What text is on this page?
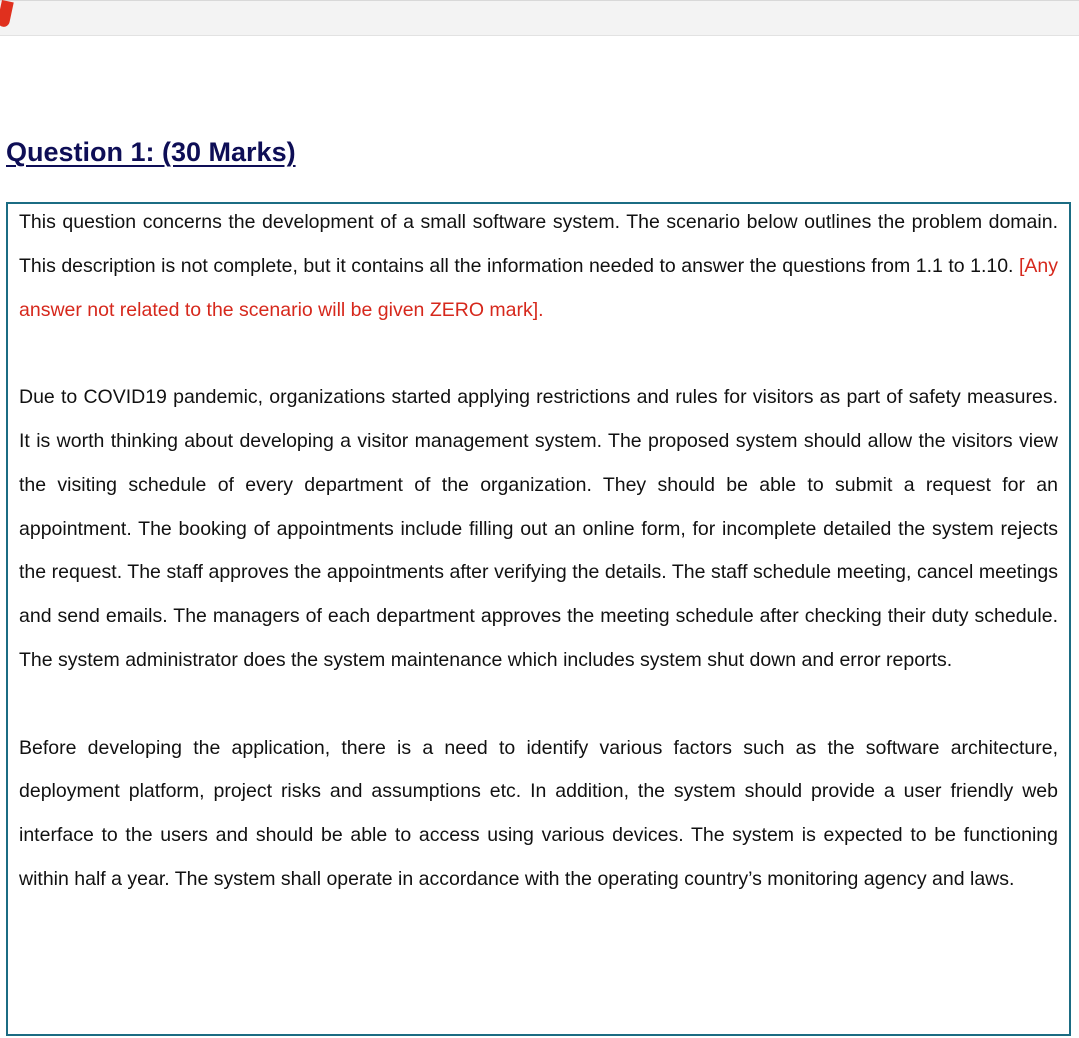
Question 1: (30 Marks)

This question concerns the development of a small software system. The scenario below outlines the problem domain. This description is not complete, but it contains all the information needed to answer the questions from 1.1 to 1.10. [Any answer not related to the scenario will be given ZERO mark].

Due to COVID19 pandemic, organizations started applying restrictions and rules for visitors as part of safety measures. It is worth thinking about developing a visitor management system. The proposed system should allow the visitors view the visiting schedule of every department of the organization. They should be able to submit a request for an appointment. The booking of appointments include filling out an online form, for incomplete detailed the system rejects the request. The staff approves the appointments after verifying the details. The staff schedule meeting, cancel meetings and send emails. The managers of each department approves the meeting schedule after checking their duty schedule. The system administrator does the system maintenance which includes system shut down and error reports.

Before developing the application, there is a need to identify various factors such as the software architecture, deployment platform, project risks and assumptions etc. In addition, the system should provide a user friendly web interface to the users and should be able to access using various devices. The system is expected to be functioning within half a year. The system shall operate in accordance with the operating country’s monitoring agency and laws.
